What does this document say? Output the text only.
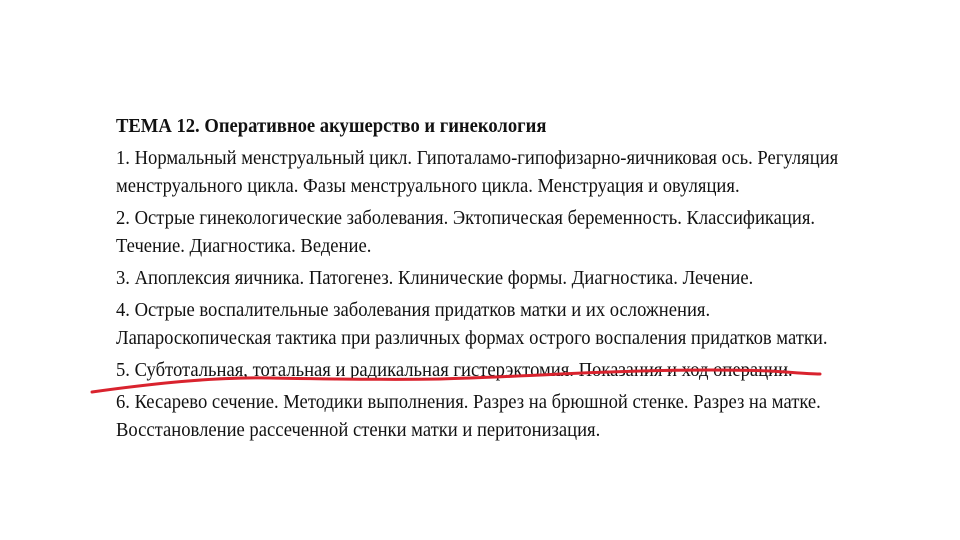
ТЕМА 12. Оперативное акушерство и гинекология
1. Нормальный менструальный цикл. Гипоталамо-гипофизарно-яичниковая ось. Регуляция
менструального цикла. Фазы менструального цикла. Менструация и овуляция.
2. Острые гинекологические заболевания. Эктопическая беременность. Классификация.
Течение. Диагностика. Ведение.
3. Апоплексия яичника. Патогенез. Клинические формы. Диагностика. Лечение.
4. Острые воспалительные заболевания придатков матки и их осложнения.
Лапароскопическая тактика при различных формах острого воспаления придатков матки.
5. Субтотальная, тотальная и радикальная гистерэктомия. Показания и ход операции.
6. Кесарево сечение. Методики выполнения. Разрез на брюшной стенке. Разрез на матке.
Восстановление рассеченной стенки матки и перитонизация.
